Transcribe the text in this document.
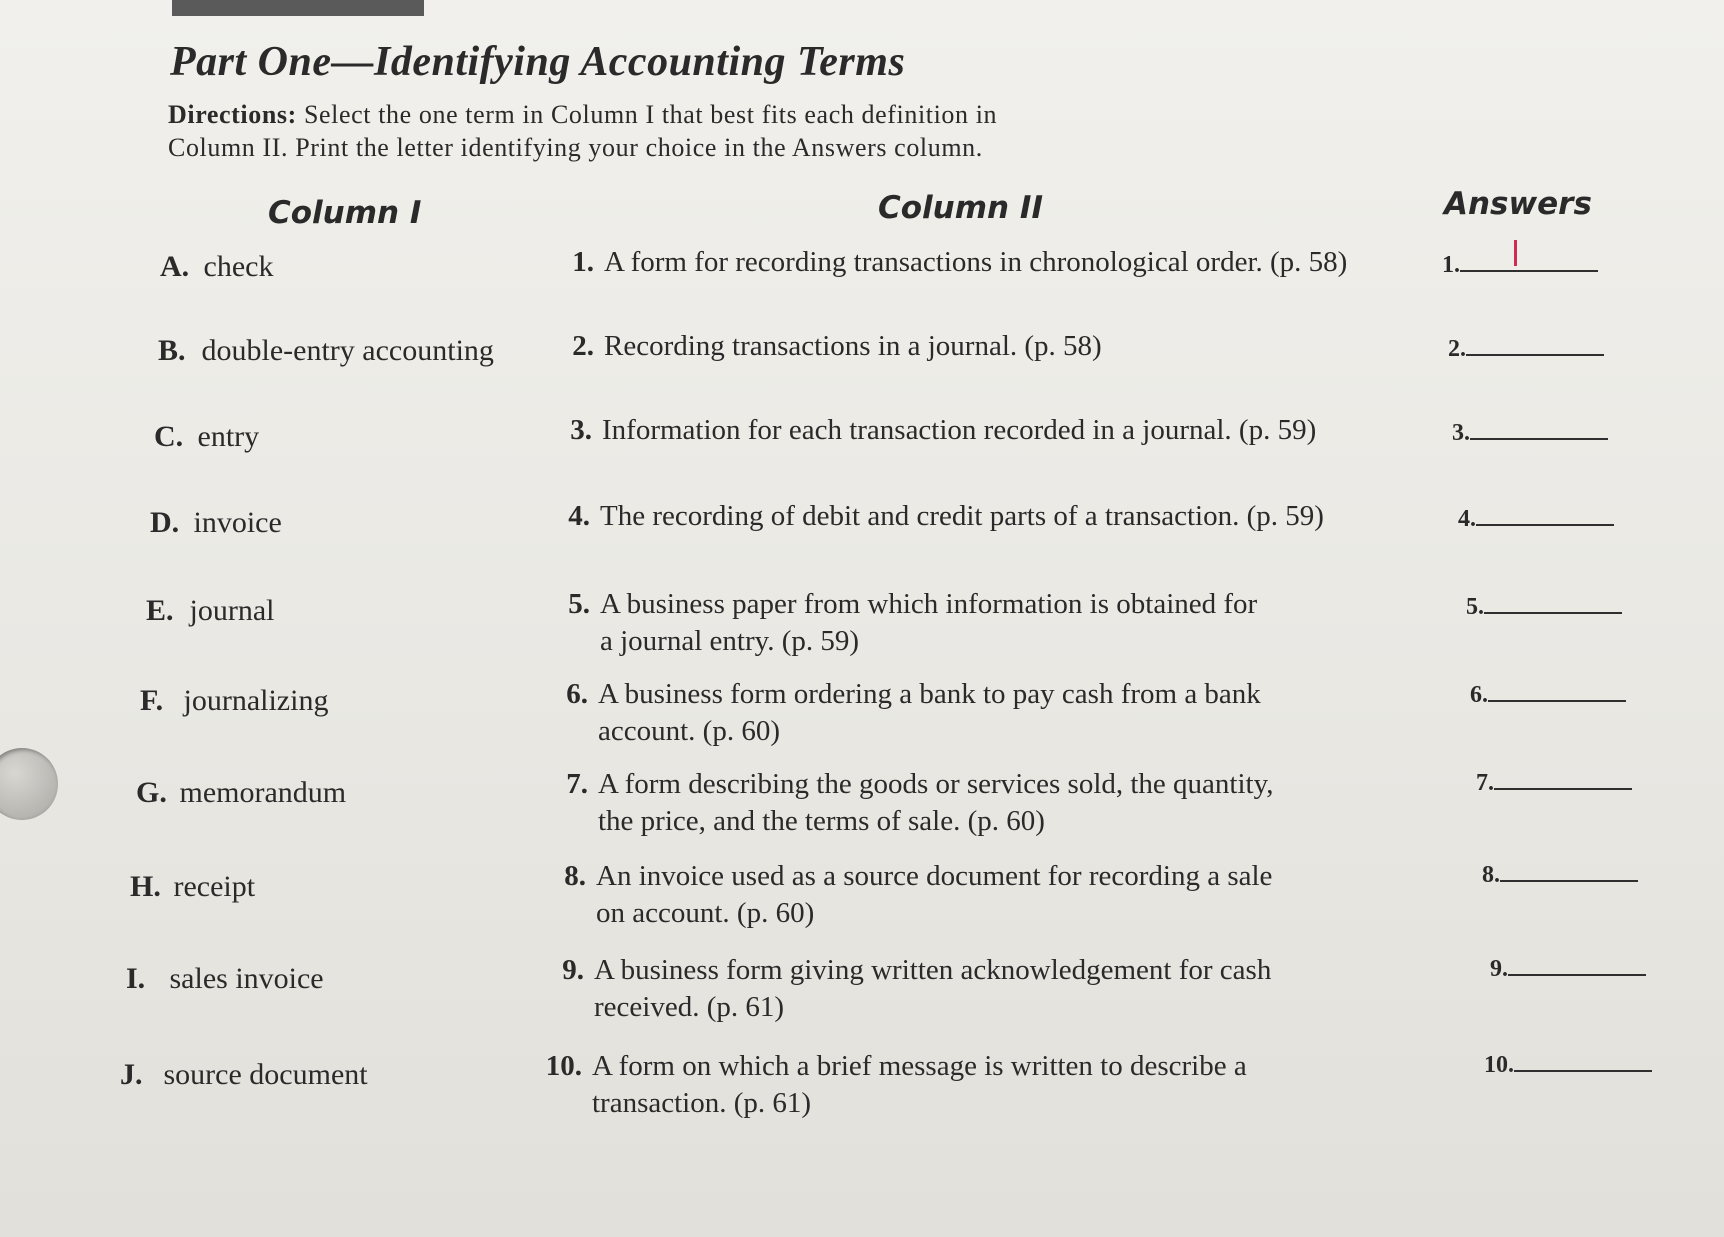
Part One—Identifying Accounting Terms

Directions: Select the one term in Column I that best fits each definition in

Column II. Print the letter identifying your choice in the Answers column.

Column I	Column II	Answers
A. check
B. double-entry accounting
C. entry
D. invoice
E. journal
F. journalizing
G. memorandum
H. receipt
I. sales invoice
J. source document
1. A form for recording transactions in chronological order. (p. 58)
2. Recording transactions in a journal. (p. 58)
3. Information for each transaction recorded in a journal. (p. 59)
4. The recording of debit and credit parts of a transaction. (p. 59)
5. A business paper from which information is obtained for
a journal entry. (p. 59)
6. A business form ordering a bank to pay cash from a bank
account. (p. 60)
7. A form describing the goods or services sold, the quantity,
the price, and the terms of sale. (p. 60)
8. An invoice used as a source document for recording a sale
on account. (p. 60)
9. A business form giving written acknowledgement for cash
received. (p. 61)
10. A form on which a brief message is written to describe a
transaction. (p. 61)
1.
2.
3.
4.
5.
6.
7.
8.
9.
10.
